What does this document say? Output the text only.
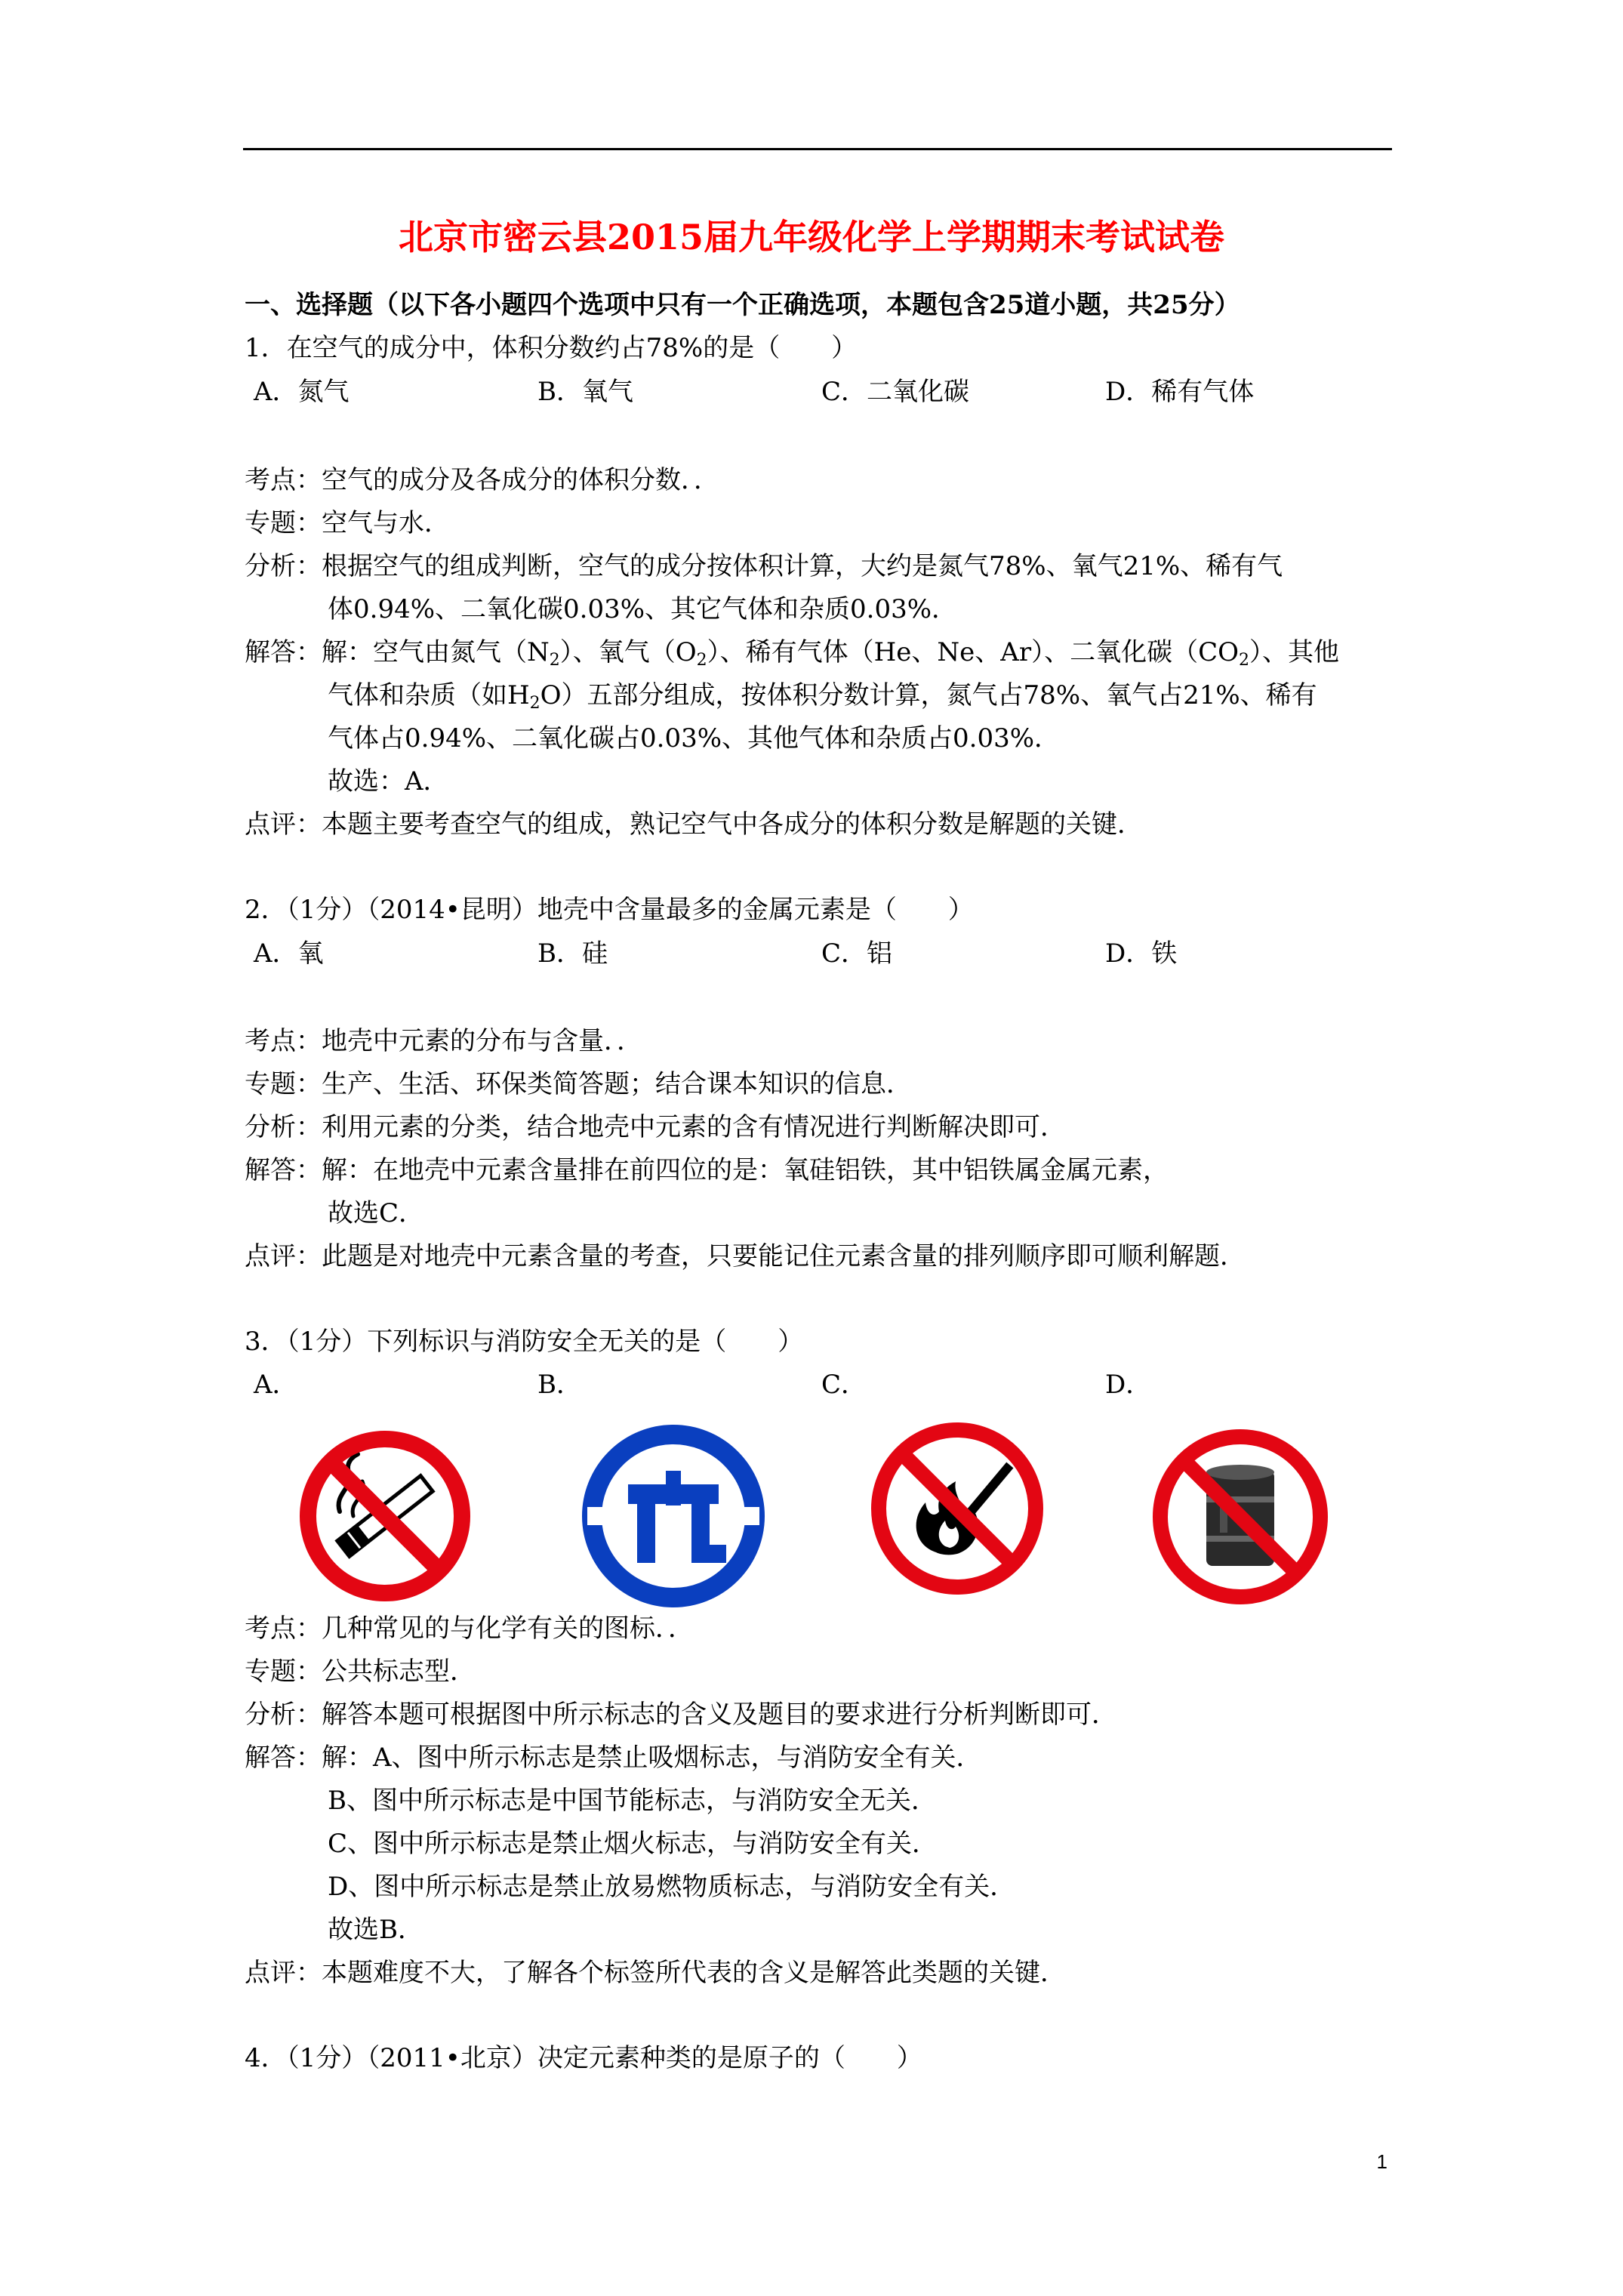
北京市密云县2015届九年级化学上学期期末考试试卷
一、选择题（以下各小题四个选项中只有一个正确选项，本题包含25道小题，共25分）
1．在空气的成分中，体积分数约占78%的是（　　）
A．氮气	B．氧气	C．二氧化碳	D．稀有气体
考点：空气的成分及各成分的体积分数．．
专题：空气与水．
分析：根据空气的组成判断，空气的成分按体积计算，大约是氮气78%、氧气21%、稀有气
体0.94%、二氧化碳0.03%、其它气体和杂质0.03%．
解答：解：空气由氮气$(N_2)$、氧气$(O_2)$、稀有气体（He、Ne、Ar）、二氧化碳$(CO_2)$、其他
气体和杂质（如$H_2O$）五部分组成，按体积分数计算，氮气占78%、氧气占21%、稀有
气体占0.94%、二氧化碳占0.03%、其他气体和杂质占0.03%．
故选：A．
点评：本题主要考查空气的组成，熟记空气中各成分的体积分数是解题的关键．
2．（1分）（2014•昆明）地壳中含量最多的金属元素是（　　）
A．氧	B．硅	C．铝	D．铁
考点：地壳中元素的分布与含量．．
专题：生产、生活、环保类简答题；结合课本知识的信息．
分析：利用元素的分类，结合地壳中元素的含有情况进行判断解决即可．
解答：解：在地壳中元素含量排在前四位的是：氧硅铝铁，其中铝铁属金属元素，
故选C．
点评：此题是对地壳中元素含量的考查，只要能记住元素含量的排列顺序即可顺利解题．
3．（1分）下列标识与消防安全无关的是（　　）
A．	B．	C．	D．
考点：几种常见的与化学有关的图标．．
专题：公共标志型．
分析：解答本题可根据图中所示标志的含义及题目的要求进行分析判断即可．
解答：解：A、图中所示标志是禁止吸烟标志，与消防安全有关．
B、图中所示标志是中国节能标志，与消防安全无关．
C、图中所示标志是禁止烟火标志，与消防安全有关．
D、图中所示标志是禁止放易燃物质标志，与消防安全有关．
故选B．
点评：本题难度不大，了解各个标签所代表的含义是解答此类题的关键．
4．（1分）（2011•北京）决定元素种类的是原子的（　　）
1
